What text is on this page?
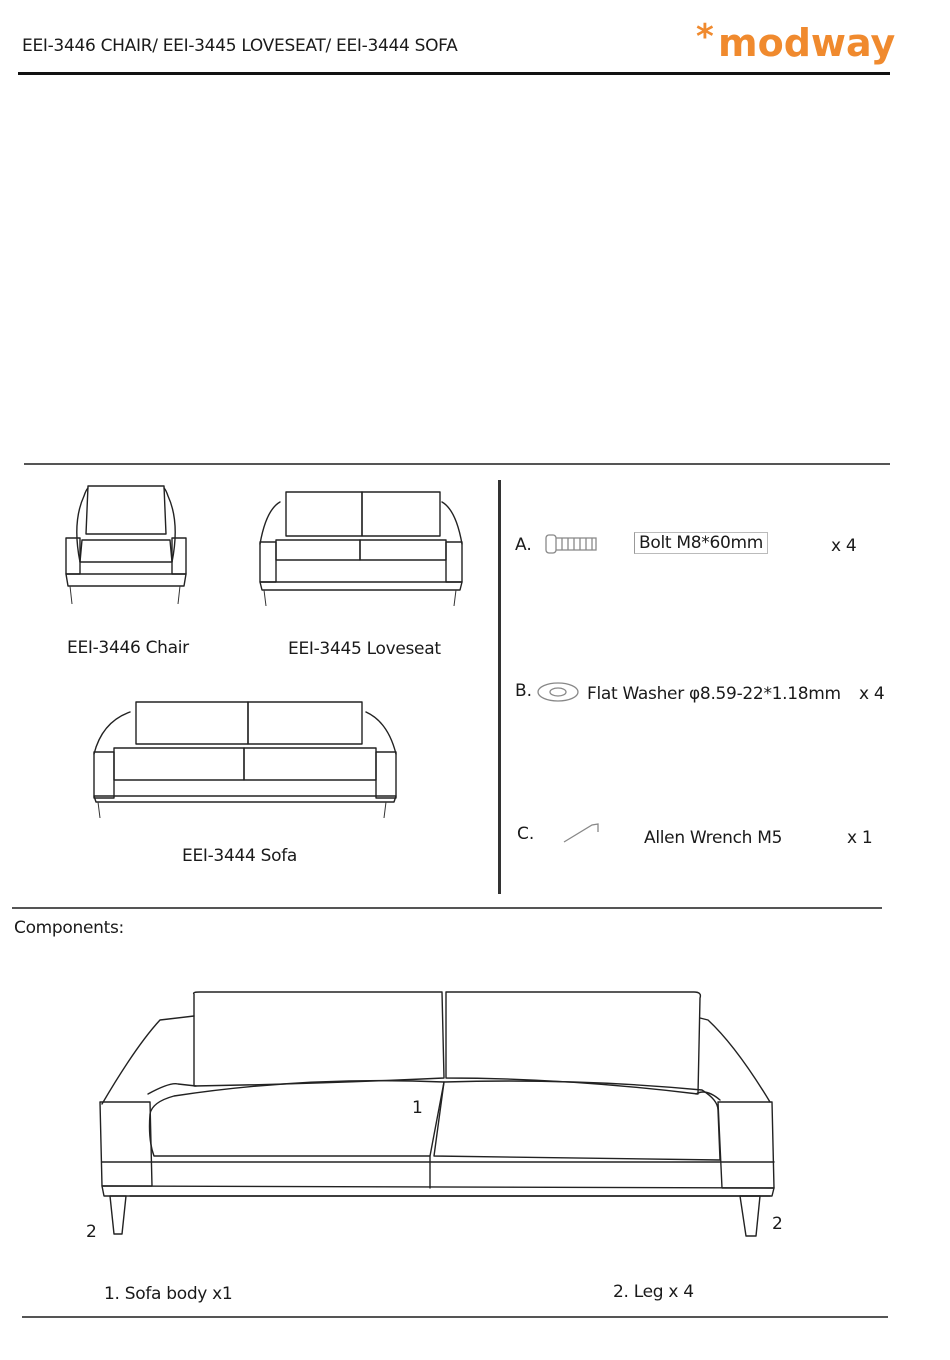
EEI-3446 CHAIR/ EEI-3445 LOVESEAT/ EEI-3444 SOFA	* modway
EEI-3446 Chair	EEI-3445 Loveseat
EEI-3444 Sofa
A.	Bolt M8*60mm	x 4
B.	Flat Washer φ8.59-22*1.18mm x 4
C.	Allen Wrench M5	x 1
Components:
1
2	2
1. Sofa body x1	2. Leg x 4
